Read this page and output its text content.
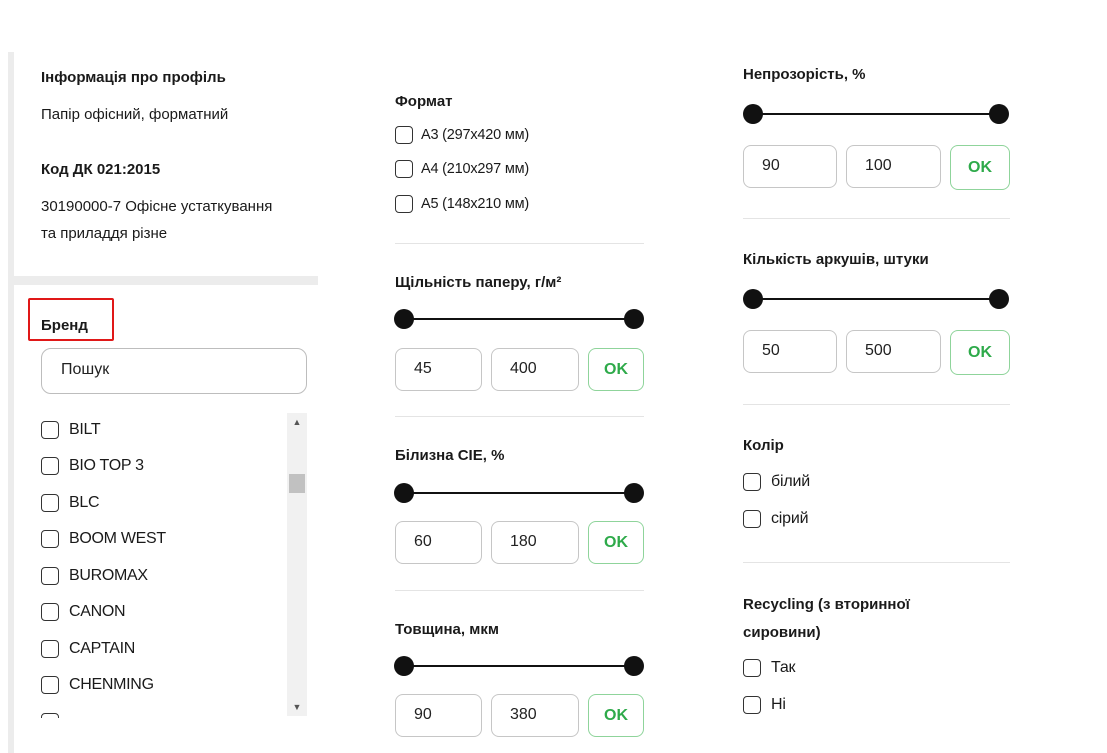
Інформація про профіль
Папір офісний, форматний
Код ДК 021:2015
30190000-7 Офісне устаткування
та приладдя різне
Бренд
Пошук
BILT
BIO TOP 3
BLC
BOOM WEST
BUROMAX
CANON
CAPTAIN
CHENMING
▲
▼
Формат
А3 (297х420 мм)
А4 (210х297 мм)
А5 (148х210 мм)
Щільність паперу, г/м²
45	400	OK
Білизна CIE, %
60	180	OK
Товщина, мкм
90	380	OK
Непрозорість, %
90	100	OK
Кількість аркушів, штуки
50	500	OK
Колір
білий
сірий
Recycling (з вторинної
сировини)
Так
Ні
